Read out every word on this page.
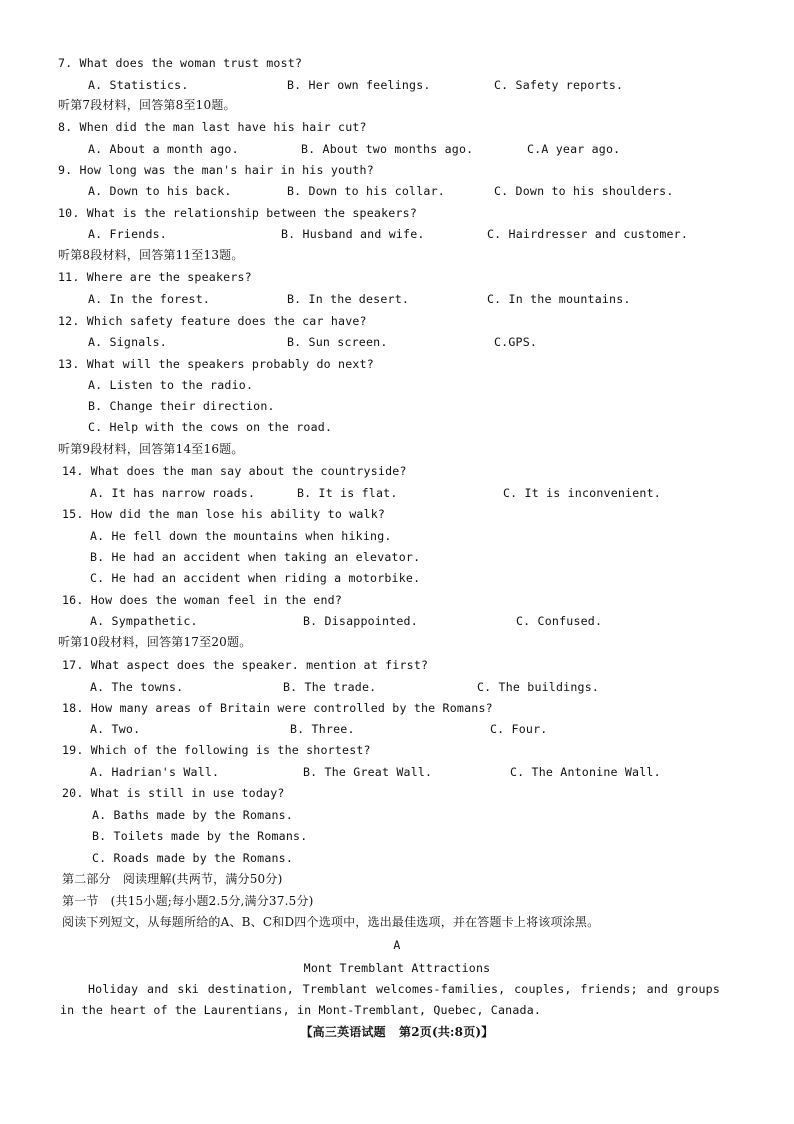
7. What does the woman trust most?
A. Statistics.	B. Her own feelings.	C. Safety reports.
听第7段材料，回答第8至10题。
8. When did the man last have his hair cut?
A. About a month ago.	B. About two months ago.	C.A year ago.
9. How long was the man's hair in his youth?
A. Down to his back.	B. Down to his collar.	C. Down to his shoulders.
10. What is the relationship between the speakers?
A. Friends.	B. Husband and wife.	C. Hairdresser and customer.
听第8段材料，回答第11至13题。
11. Where are the speakers?
A. In the forest.	B. In the desert.	C. In the mountains.
12. Which safety feature does the car have?
A. Signals.	B. Sun screen.	C.GPS.
13. What will the speakers probably do next?
A. Listen to the radio.
B. Change their direction.
C. Help with the cows on the road.
听第9段材料，回答第14至16题。
14. What does the man say about the countryside?
A. It has narrow roads.	B. It is flat.	C. It is inconvenient.
15. How did the man lose his ability to walk?
A. He fell down the mountains when hiking.
B. He had an accident when taking an elevator.
C. He had an accident when riding a motorbike.
16. How does the woman feel in the end?
A. Sympathetic.	B. Disappointed.	C. Confused.
听第10段材料，回答第17至20题。
17. What aspect does the speaker. mention at first?
A. The towns.	B. The trade.	C. The buildings.
18. How many areas of Britain were controlled by the Romans?
A. Two.	B. Three.	C. Four.
19. Which of the following is the shortest?
A. Hadrian's Wall.	B. The Great Wall.	C. The Antonine Wall.
20. What is still in use today?
A. Baths made by the Romans.
B. Toilets made by the Romans.
C. Roads made by the Romans.
第二部分   阅读理解(共两节，满分50分)
第一节   (共15小题;每小题2.5分,满分37.5分)
阅读下列短文，从每题所给的A、B、C和D四个选项中，选出最佳选项，并在答题卡上将该项涂黑。
A
Mont Tremblant Attractions
Holiday and ski destination, Tremblant welcomes-families, couples, friends; and groups in the heart of the Laurentians, in Mont-Tremblant, Quebec, Canada.
【高三英语试题   第2页(共:8页)】
